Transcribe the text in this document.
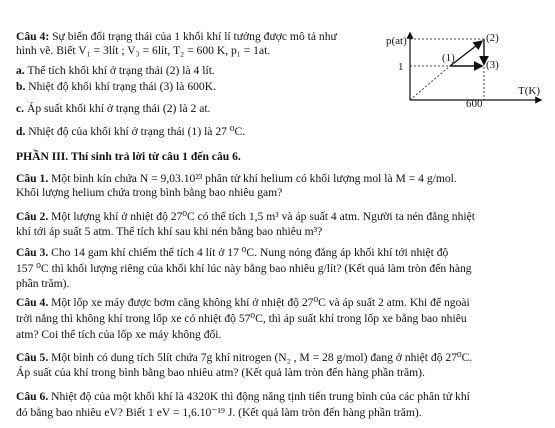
Câu 4: Sự biến đổi trạng thái của 1 khối khí lí tưởng được mô tả như

hình vẽ. Biết V₁ = 3lít ; V₃ = 6lít, T₂ = 600 K, p₁ = 1at.

a. Thể tích khối khí ở trạng thái (2) là 4 lít.

b. Nhiệt độ khối khí trạng thái (3) là 600K.

c. Áp suất khối khí ở trạng thái (2) là 2 at.

d. Nhiệt độ của khối khí ở trạng thái (1) là 27 ⁰C.

p(at)
T(K)
1
600
(1)
(2)
(3)

PHẦN III. Thí sinh trả lời từ câu 1 đến câu 6.

Câu 1. Một bình kín chứa N = 9,03.10²³ phân tử khí helium có khối lượng mol là M = 4 g/mol.

Khối lượng helium chứa trong bình bằng bao nhiêu gam?

Câu 2. Một lượng khí ở nhiệt độ 27⁰C có thể tích 1,5 m³ và áp suất 4 atm. Người ta nén đẳng nhiệt

khí tới áp suất 5 atm. Thể tích khí sau khi nén bằng bao nhiêu m³?

Câu 3. Cho 14 gam khí chiếm thể tích 4 lít ở 17 ⁰C. Nung nóng đẳng áp khối khí tới nhiệt độ

157 ⁰C thì khối lượng riêng của khối khí lúc này bằng bao nhiêu g/lít? (Kết quả làm tròn đến hàng

phần trăm).

Câu 4. Một lốp xe máy được bơm căng không khí ở nhiệt độ 27⁰C và áp suất 2 atm. Khi để ngoài

trời nắng thì không khí trong lốp xe có nhiệt độ 57⁰C, thì áp suất khí trong lốp xe bằng bao nhiêu

atm? Coi thể tích của lốp xe máy không đổi.

Câu 5. Một bình có dung tích 5lít chứa 7g khí nitrogen (N₂ , M = 28 g/mol) đang ở nhiệt độ 27⁰C.

Áp suất của khí trong bình bằng bao nhiêu atm? (Kết quả làm tròn đến hàng phần trăm).

Câu 6. Nhiệt độ của một khối khí là 4320K thì động năng tịnh tiến trung bình của các phân tử khí

đó bằng bao nhiêu eV? Biết 1 eV = 1,6.10⁻¹⁹ J. (Kết quả làm tròn đến hàng phần trăm).
